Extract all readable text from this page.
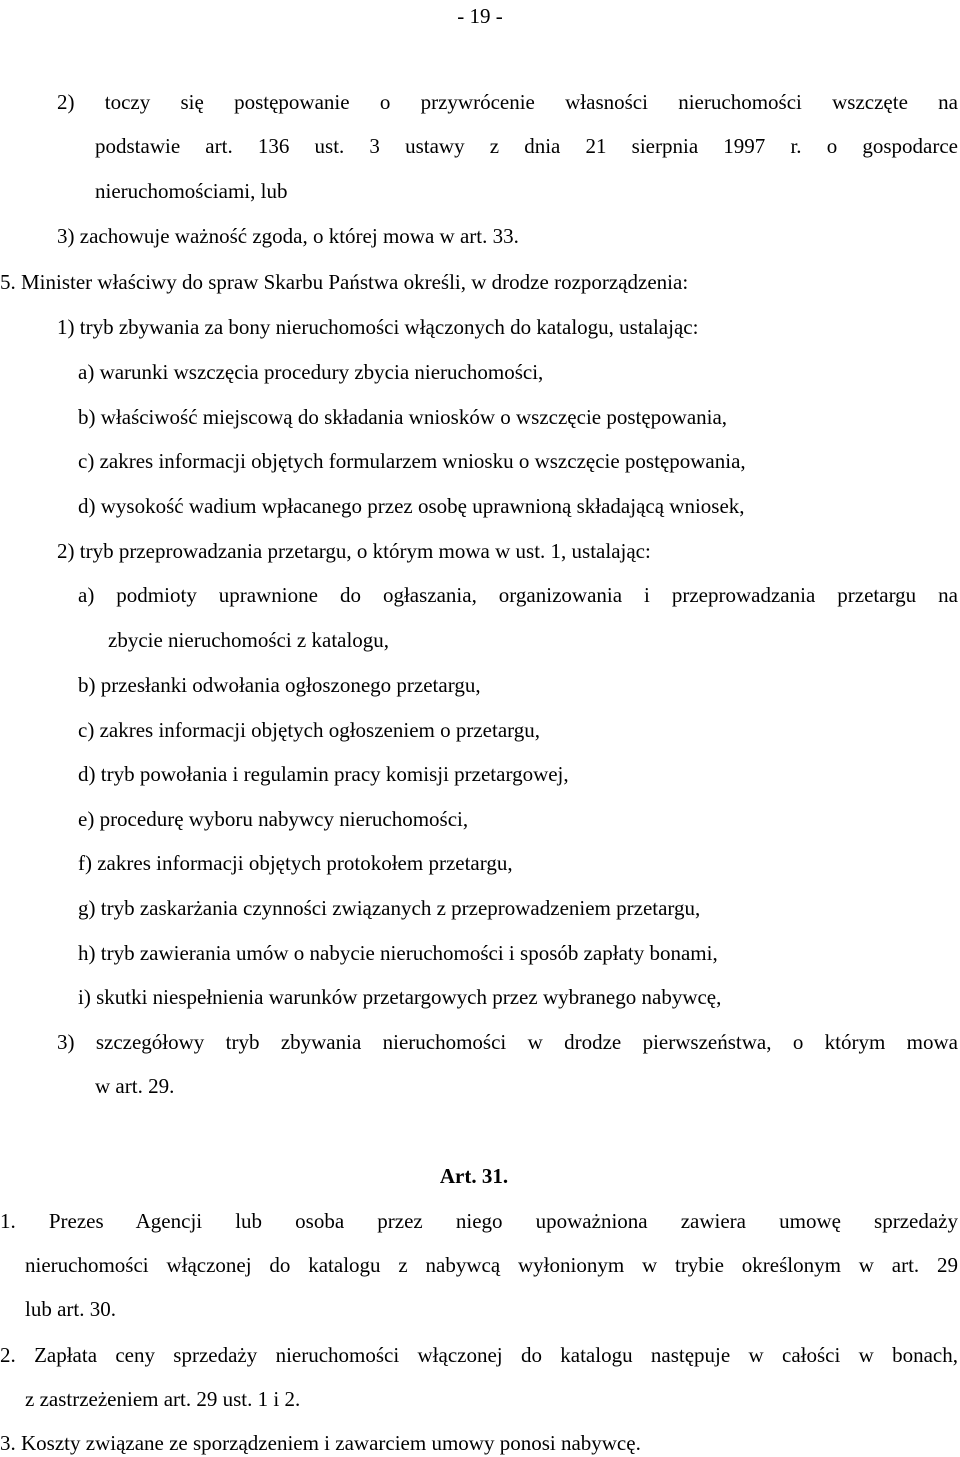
- 19 -

2) toczy się postępowanie o przywrócenie własności nieruchomości wszczęte na

podstawie art. 136 ust. 3 ustawy z dnia 21 sierpnia 1997 r. o gospodarce

nieruchomościami, lub

3) zachowuje ważność zgoda, o której mowa w art. 33.

5. Minister właściwy do spraw Skarbu Państwa określi, w drodze rozporządzenia:

1) tryb zbywania za bony nieruchomości włączonych do katalogu, ustalając:

a) warunki wszczęcia procedury zbycia nieruchomości,

b) właściwość miejscową do składania wniosków o wszczęcie postępowania,

c) zakres informacji objętych formularzem wniosku o wszczęcie postępowania,

d) wysokość wadium wpłacanego przez osobę uprawnioną składającą wniosek,

2) tryb przeprowadzania przetargu, o którym mowa w ust. 1, ustalając:

a) podmioty uprawnione do ogłaszania, organizowania i przeprowadzania przetargu na

zbycie nieruchomości z katalogu,

b) przesłanki odwołania ogłoszonego przetargu,

c) zakres informacji objętych ogłoszeniem o przetargu,

d) tryb powołania i regulamin pracy komisji przetargowej,

e) procedurę wyboru nabywcy nieruchomości,

f) zakres informacji objętych protokołem przetargu,

g) tryb zaskarżania czynności związanych z przeprowadzeniem przetargu,

h) tryb zawierania umów o nabycie nieruchomości i sposób zapłaty bonami,

i) skutki niespełnienia warunków przetargowych przez wybranego nabywcę,

3) szczegółowy tryb zbywania nieruchomości w drodze pierwszeństwa, o którym mowa

w art. 29.

Art. 31.

1. Prezes Agencji lub osoba przez niego upoważniona zawiera umowę sprzedaży

nieruchomości włączonej do katalogu z nabywcą wyłonionym w trybie określonym w art. 29

lub art. 30.

2. Zapłata ceny sprzedaży nieruchomości włączonej do katalogu następuje w całości w bonach,

z zastrzeżeniem art. 29 ust. 1 i 2.

3. Koszty związane ze sporządzeniem i zawarciem umowy ponosi nabywcę.
